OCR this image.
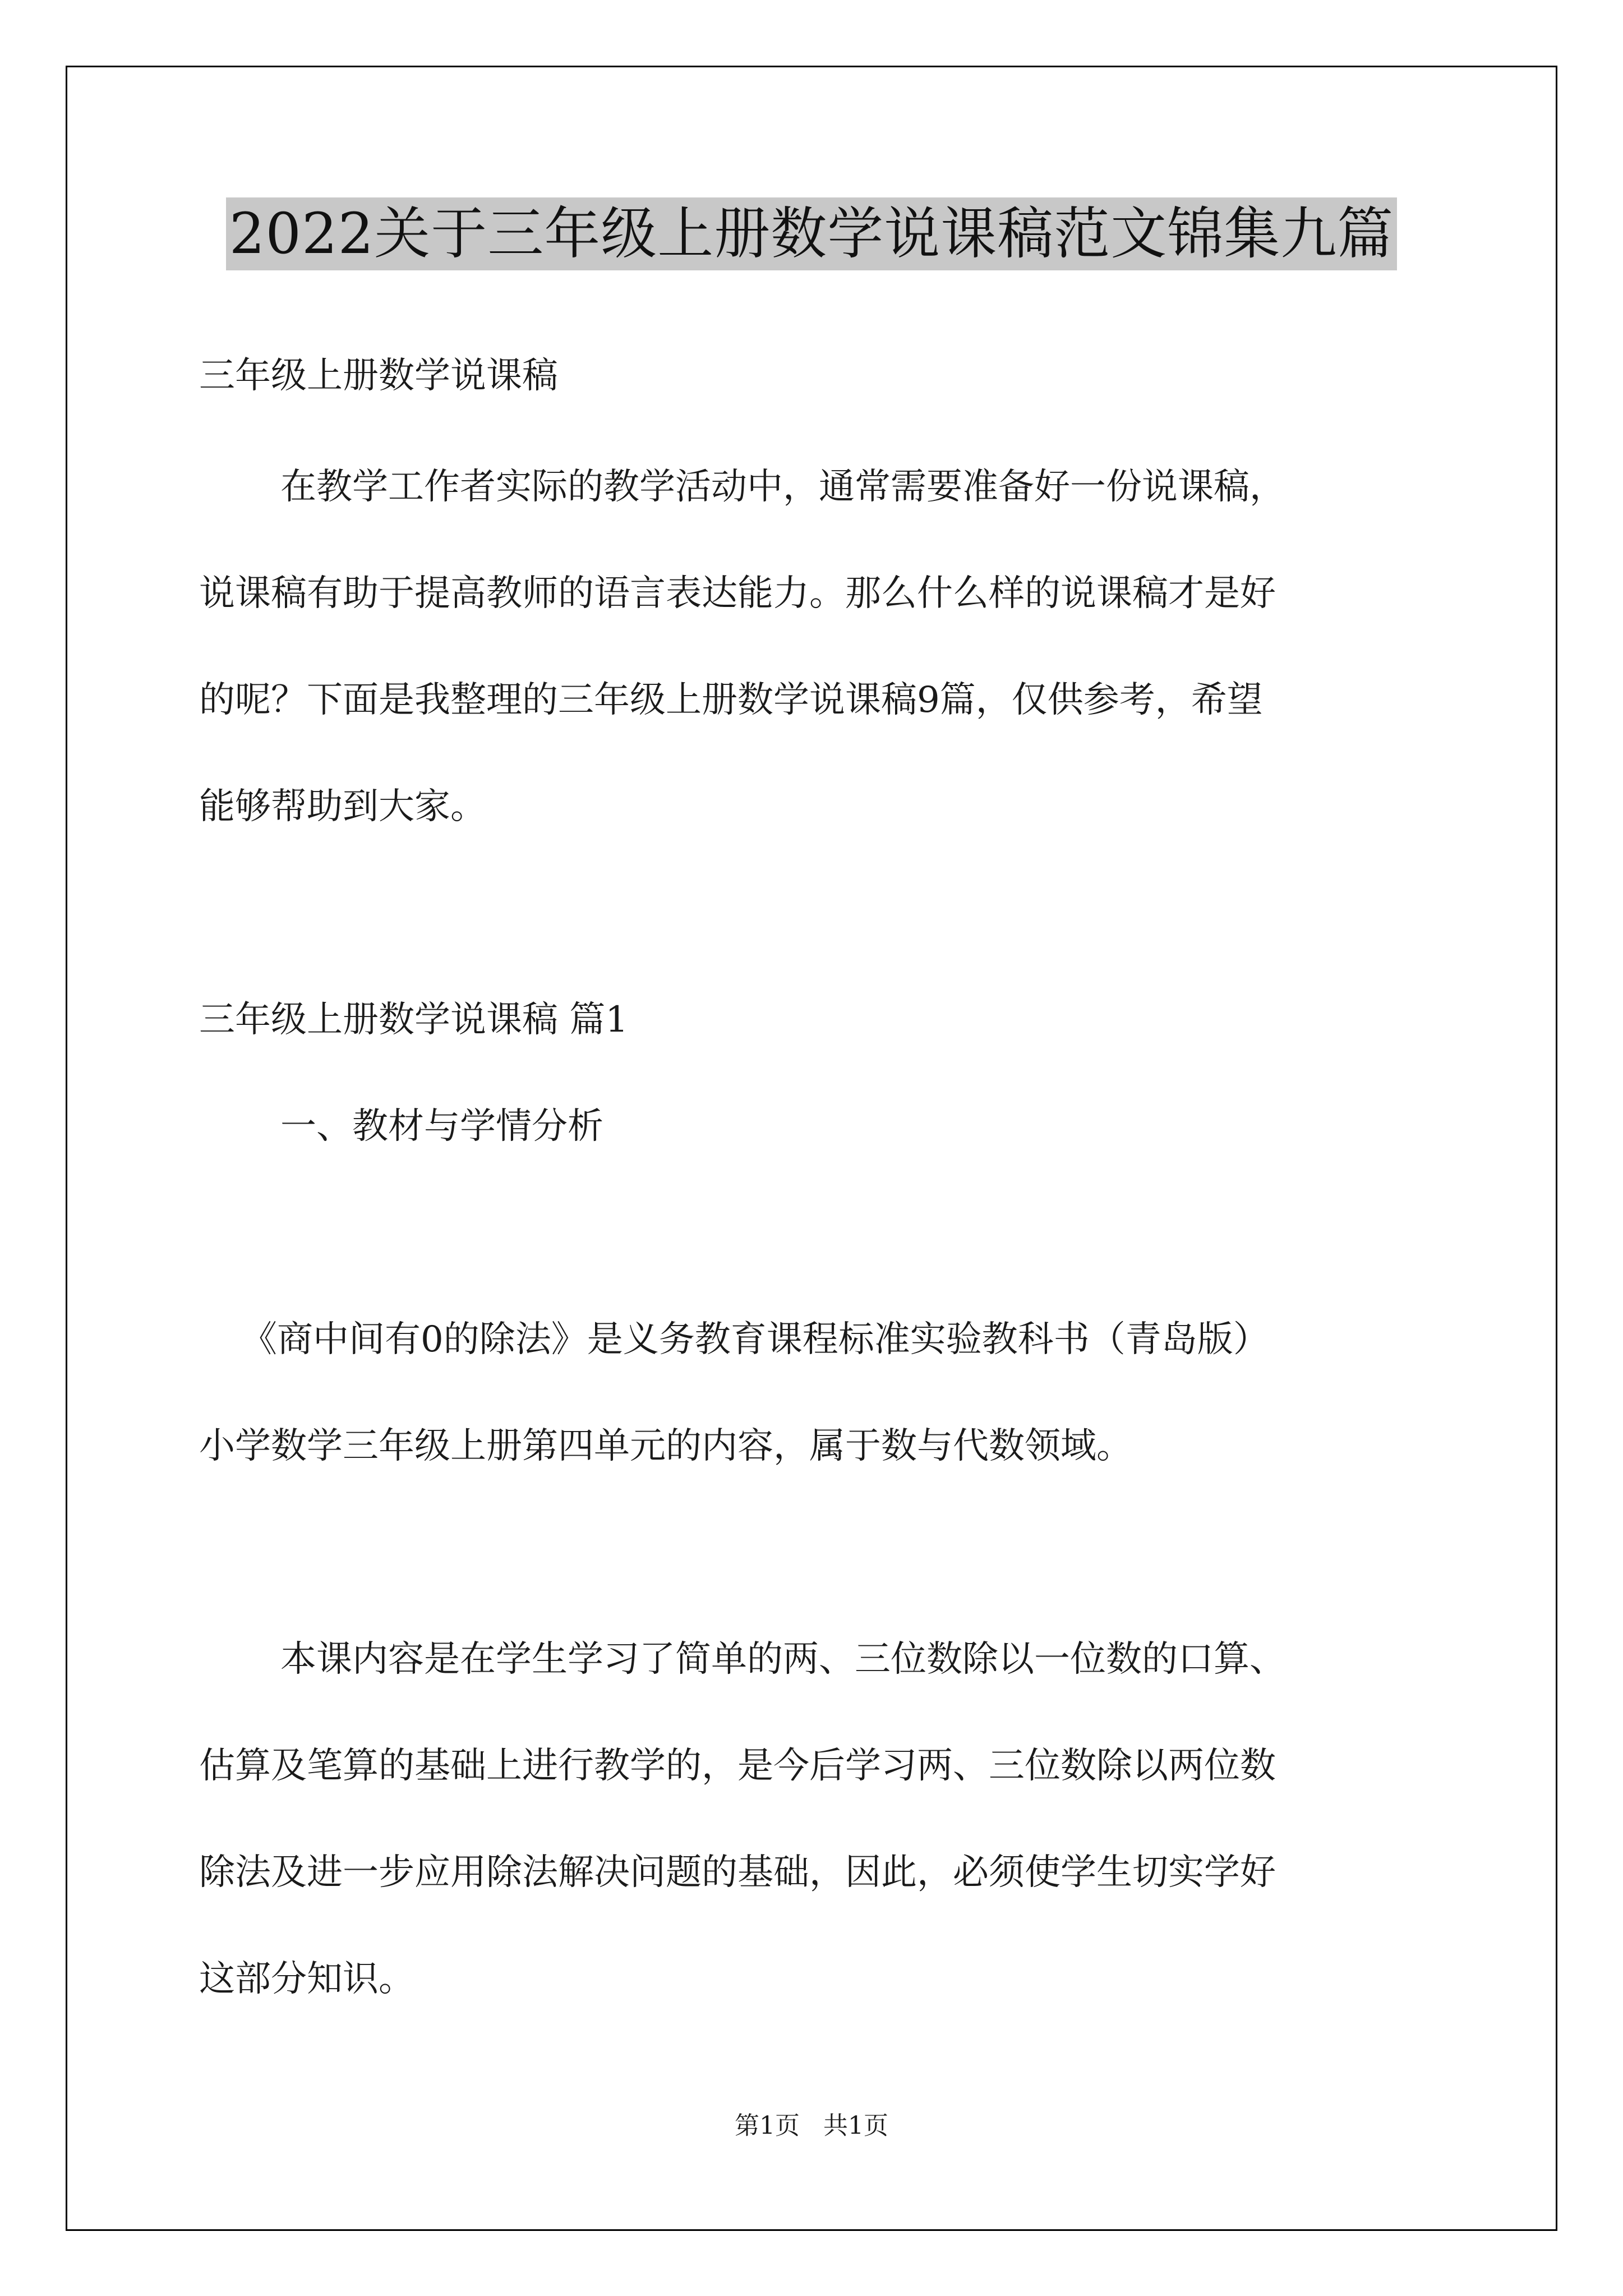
2022关于三年级上册数学说课稿范文锦集九篇
三年级上册数学说课稿
在教学工作者实际的教学活动中，通常需要准备好一份说课稿，
说课稿有助于提高教师的语言表达能力。那么什么样的说课稿才是好
的呢？下面是我整理的三年级上册数学说课稿9篇，仅供参考，希望
能够帮助到大家。
三年级上册数学说课稿 篇1
一、教材与学情分析
《商中间有0的除法》是义务教育课程标准实验教科书（青岛版）
小学数学三年级上册第四单元的内容，属于数与代数领域。
本课内容是在学生学习了简单的两、三位数除以一位数的口算、
估算及笔算的基础上进行教学的，是今后学习两、三位数除以两位数
除法及进一步应用除法解决问题的基础，因此，必须使学生切实学好
这部分知识。
第1页   共1页
